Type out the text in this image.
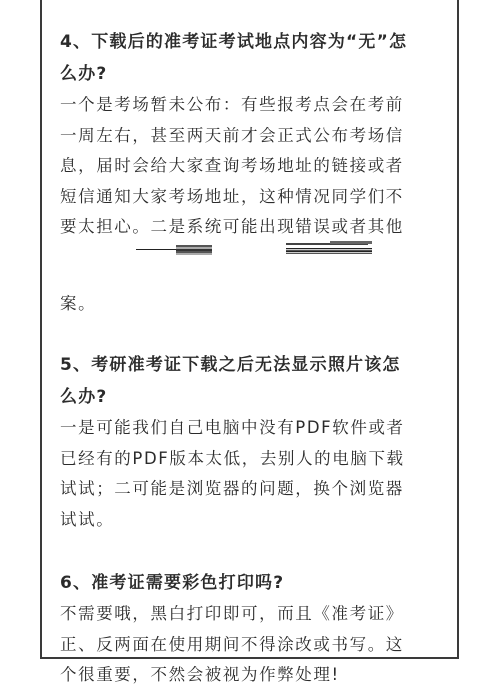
4、下载后的准考证考试地点内容为“无”怎

么办?

一个是考场暂未公布：有些报考点会在考前

一周左右，甚至两天前才会正式公布考场信

息，届时会给大家查询考场地址的链接或者

短信通知大家考场地址，这种情况同学们不

要太担心。二是系统可能出现错误或者其他

案。

5、考研准考证下载之后无法显示照片该怎

么办?

一是可能我们自己电脑中没有PDF软件或者

已经有的PDF版本太低，去别人的电脑下载

试试；二可能是浏览器的问题，换个浏览器

试试。

6、准考证需要彩色打印吗?

不需要哦，黑白打印即可，而且《准考证》

正、反两面在使用期间不得涂改或书写。这

个很重要，不然会被视为作弊处理!
